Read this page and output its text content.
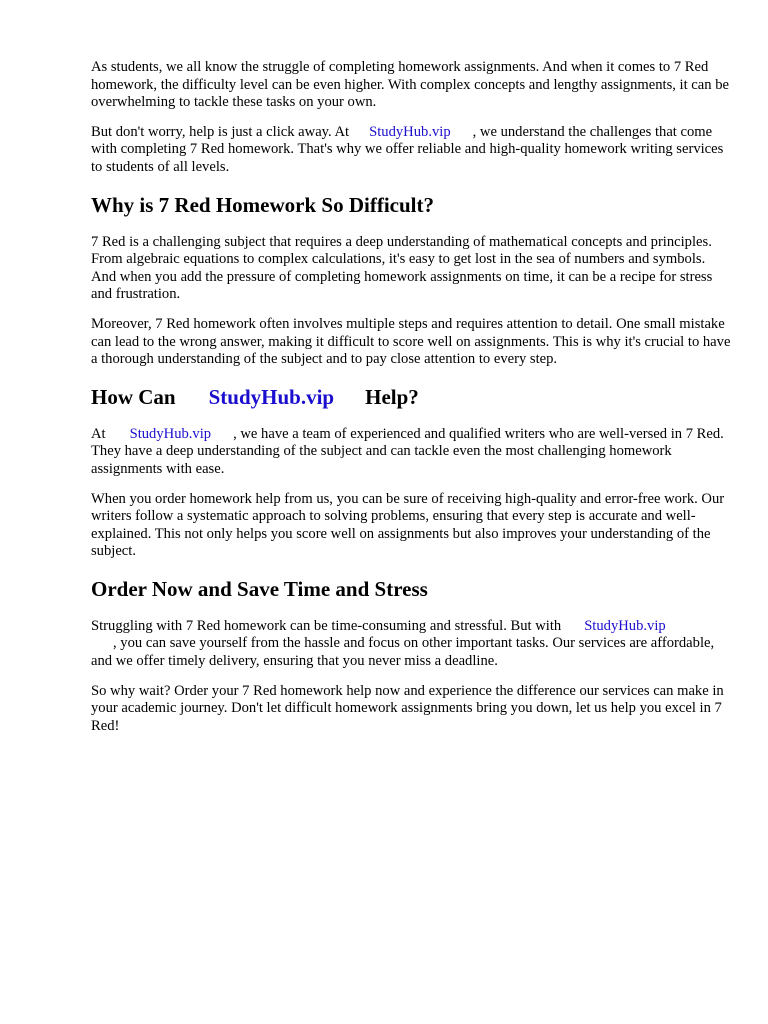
As students, we all know the struggle of completing homework assignments. And when it comes to 7 Red homework, the difficulty level can be even higher. With complex concepts and lengthy assignments, it can be overwhelming to tackle these tasks on your own.

But don't worry, help is just a click away. At StudyHub.vip , we understand the challenges that come with completing 7 Red homework. That's why we offer reliable and high-quality homework writing services to students of all levels.

Why is 7 Red Homework So Difficult?

7 Red is a challenging subject that requires a deep understanding of mathematical concepts and principles. From algebraic equations to complex calculations, it's easy to get lost in the sea of numbers and symbols. And when you add the pressure of completing homework assignments on time, it can be a recipe for stress and frustration.

Moreover, 7 Red homework often involves multiple steps and requires attention to detail. One small mistake can lead to the wrong answer, making it difficult to score well on assignments. This is why it's crucial to have a thorough understanding of the subject and to pay close attention to every step.

How Can StudyHub.vip Help?

At StudyHub.vip , we have a team of experienced and qualified writers who are well-versed in 7 Red. They have a deep understanding of the subject and can tackle even the most challenging homework assignments with ease.

When you order homework help from us, you can be sure of receiving high-quality and error-free work. Our writers follow a systematic approach to solving problems, ensuring that every step is accurate and well-explained. This not only helps you score well on assignments but also improves your understanding of the subject.

Order Now and Save Time and Stress

Struggling with 7 Red homework can be time-consuming and stressful. But with StudyHub.vip
, you can save yourself from the hassle and focus on other important tasks. Our services are affordable, and we offer timely delivery, ensuring that you never miss a deadline.

So why wait? Order your 7 Red homework help now and experience the difference our services can make in your academic journey. Don't let difficult homework assignments bring you down, let us help you excel in 7 Red!
